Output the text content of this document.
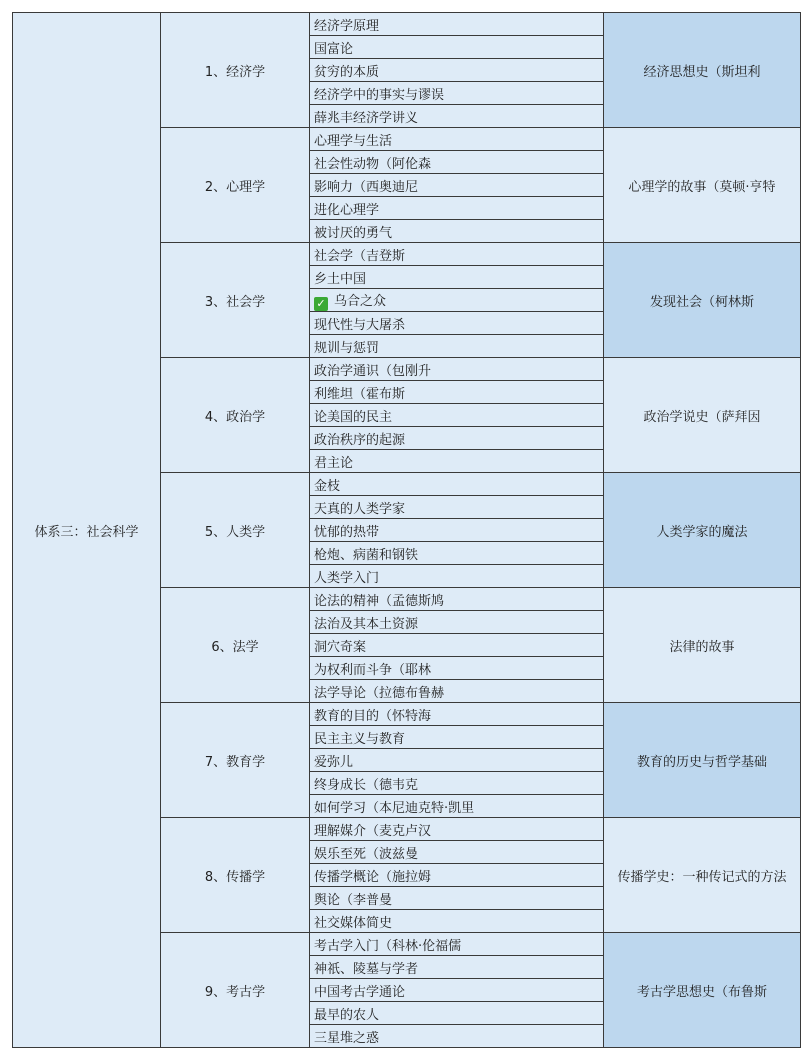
体系三：社会科学	1、经济学	经济学原理	经济思想史（斯坦利
		国富论	
		贫穷的本质	
		经济学中的事实与谬误	
		薛兆丰经济学讲义	
	2、心理学	心理学与生活	心理学的故事（莫顿·亨特
		社会性动物（阿伦森	
		影响力（西奥迪尼	
		进化心理学	
		被讨厌的勇气	
	3、社会学	社会学（吉登斯	发现社会（柯林斯
		乡土中国	
		✓ 乌合之众	
		现代性与大屠杀	
		规训与惩罚	
	4、政治学	政治学通识（包刚升	政治学说史（萨拜因
		利维坦（霍布斯	
		论美国的民主	
		政治秩序的起源	
		君主论	
	5、人类学	金枝	人类学家的魔法
		天真的人类学家	
		忧郁的热带	
		枪炮、病菌和钢铁	
		人类学入门	
	6、法学	论法的精神（孟德斯鸠	法律的故事
		法治及其本土资源	
		洞穴奇案	
		为权利而斗争（耶林	
		法学导论（拉德布鲁赫	
	7、教育学	教育的目的（怀特海	教育的历史与哲学基础
		民主主义与教育	
		爱弥儿	
		终身成长（德韦克	
		如何学习（本尼迪克特·凯里	
	8、传播学	理解媒介（麦克卢汉	传播学史：一种传记式的方法
		娱乐至死（波兹曼	
		传播学概论（施拉姆	
		舆论（李普曼	
		社交媒体简史	
	9、考古学	考古学入门（科林·伦福儒	考古学思想史（布鲁斯
		神祇、陵墓与学者	
		中国考古学通论	
		最早的农人	
		三星堆之惑	
